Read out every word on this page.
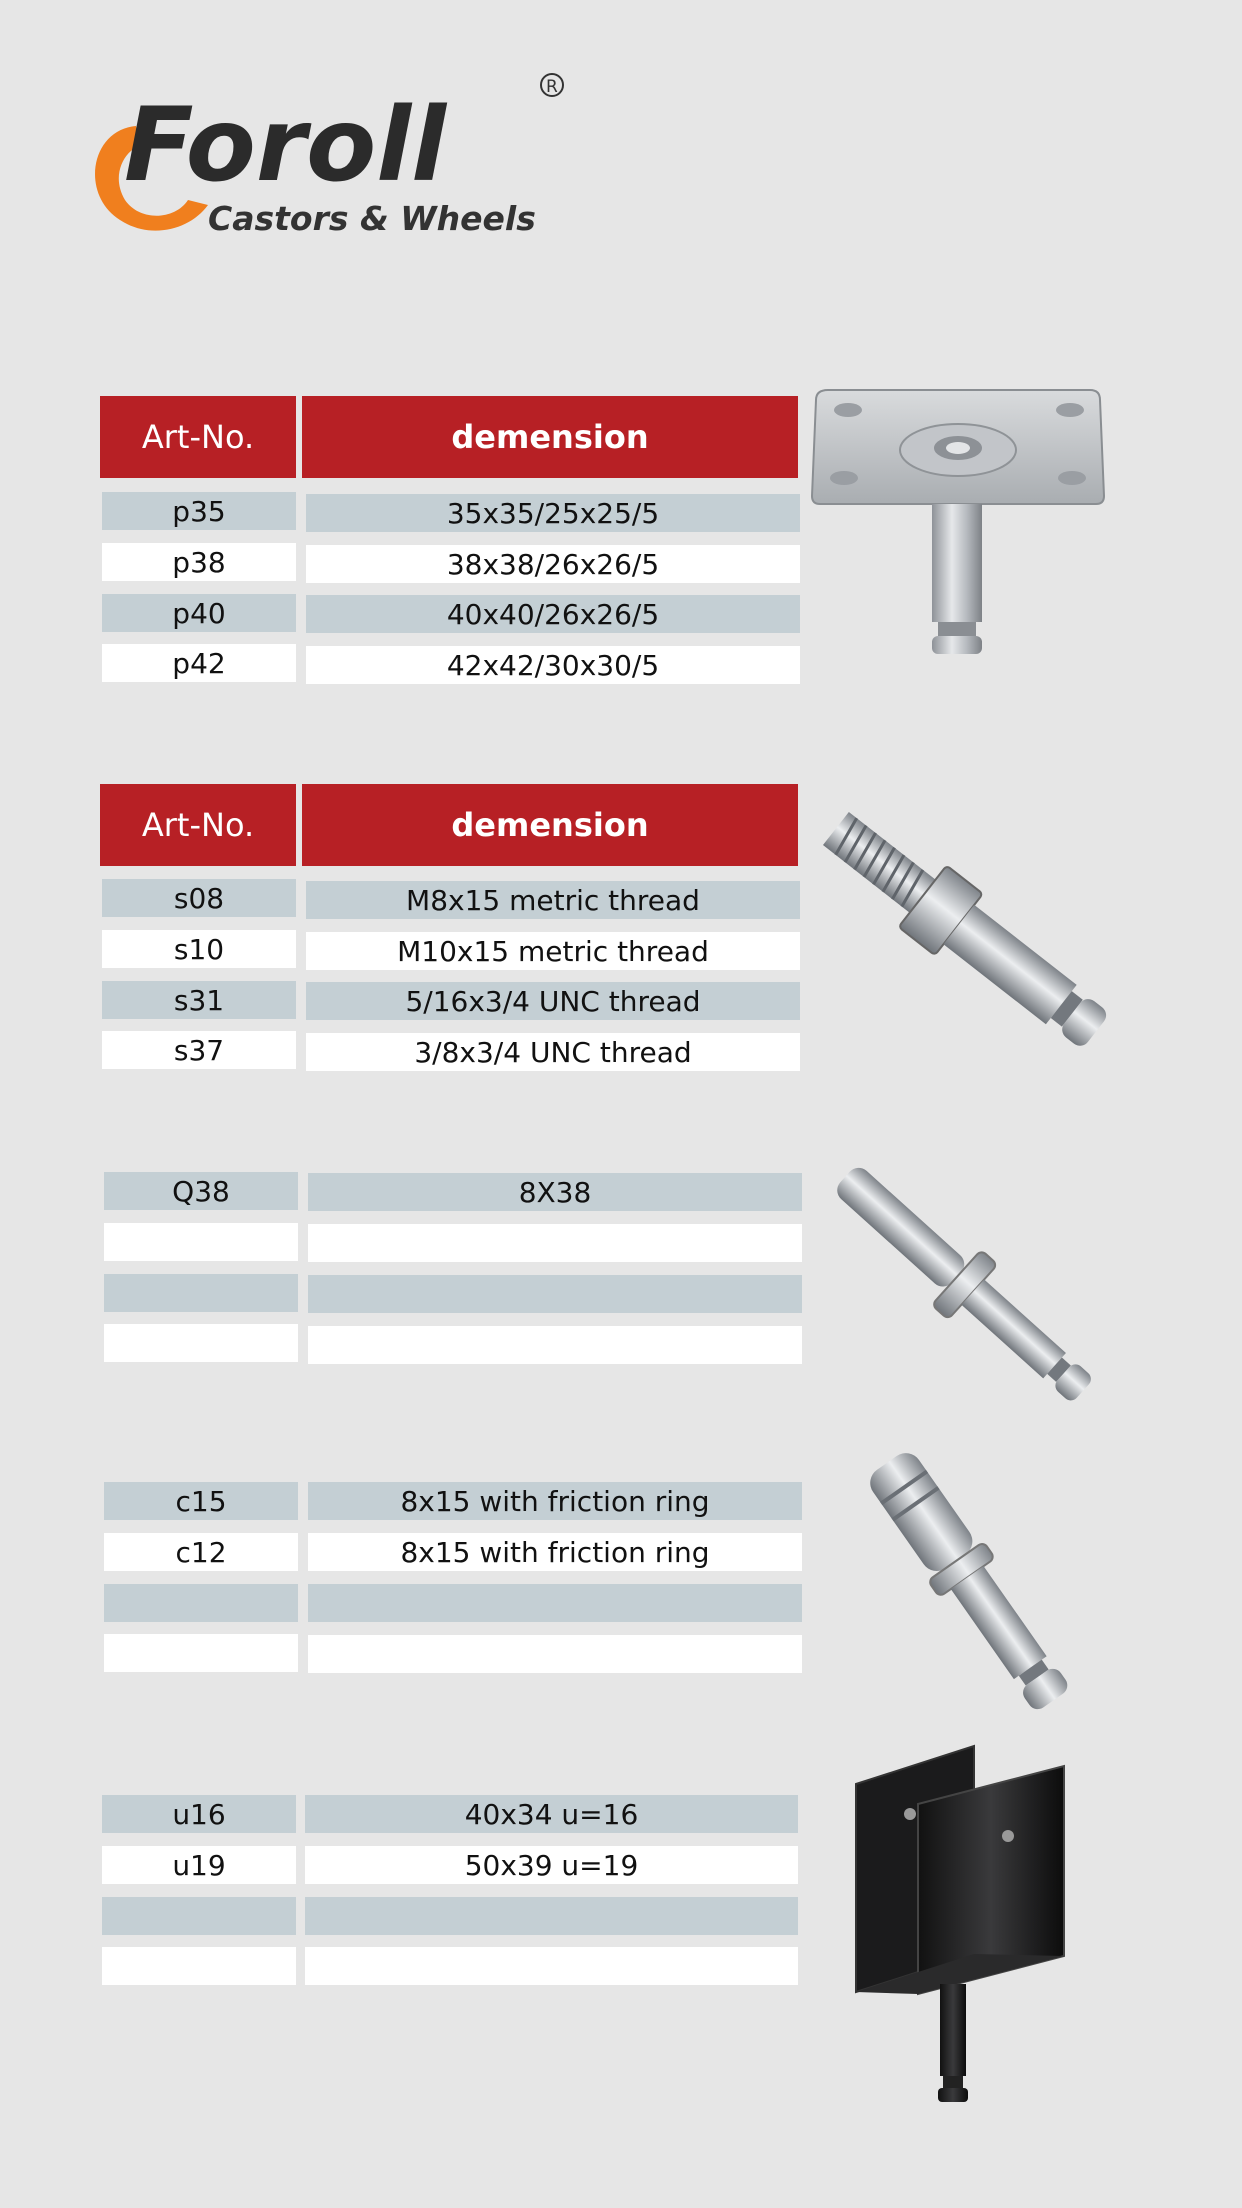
Foroll
Castors & Wheels
R
Art-No.	demension
p35	35x35/25x25/5
p38	38x38/26x26/5
p40	40x40/26x26/5
p42	42x42/30x30/5
Art-No.	demension
s08	M8x15 metric thread
s10	M10x15 metric thread
s31	5/16x3/4 UNC thread
s37	3/8x3/4 UNC thread
Q38	8X38
c15	8x15 with friction ring
c12	8x15 with friction ring
u16	40x34 u=16
u19	50x39 u=19
